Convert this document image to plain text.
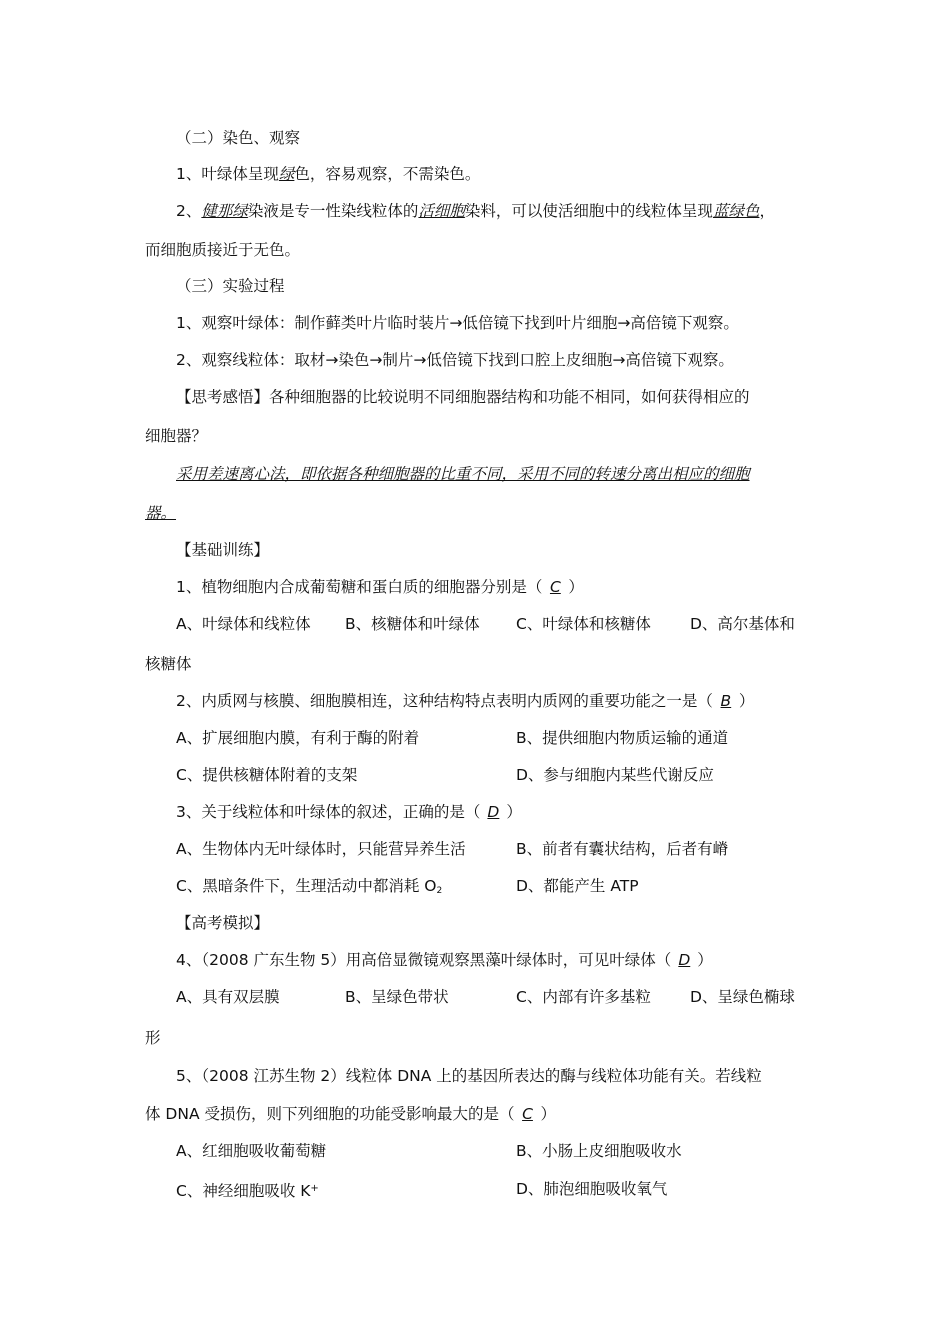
（二）染色、观察
1、叶绿体呈现绿色，容易观察，不需染色。
2、健那绿染液是专一性染线粒体的活细胞染料，可以使活细胞中的线粒体呈现蓝绿色，
而细胞质接近于无色。
（三）实验过程
1、观察叶绿体：制作藓类叶片临时装片→低倍镜下找到叶片细胞→高倍镜下观察。
2、观察线粒体：取材→染色→制片→低倍镜下找到口腔上皮细胞→高倍镜下观察。
【思考感悟】各种细胞器的比较说明不同细胞器结构和功能不相同，如何获得相应的
细胞器？
采用差速离心法，即依据各种细胞器的比重不同，采用不同的转速分离出相应的细胞
器。
【基础训练】
1、植物细胞内合成葡萄糖和蛋白质的细胞器分别是（ C ）
A、叶绿体和线粒体 B、核糖体和叶绿体 C、叶绿体和核糖体	D、高尔基体和
核糖体
2、内质网与核膜、细胞膜相连，这种结构特点表明内质网的重要功能之一是（ B ）
A、扩展细胞内膜，有利于酶的附着	B、提供细胞内物质运输的通道
C、提供核糖体附着的支架	D、参与细胞内某些代谢反应
3、关于线粒体和叶绿体的叙述，正确的是（ D ）
A、生物体内无叶绿体时，只能营异养生活	B、前者有囊状结构，后者有嵴
C、黑暗条件下，生理活动中都消耗 $O_2$	D、都能产生 ATP
【高考模拟】
4、（2008 广东生物 5）用高倍显微镜观察黑藻叶绿体时，可见叶绿体（ D ）
A、具有双层膜	B、呈绿色带状	C、内部有许多基粒	D、呈绿色椭球
形
5、（2008 江苏生物 2）线粒体 DNA 上的基因所表达的酶与线粒体功能有关。若线粒
体 DNA 受损伤，则下列细胞的功能受影响最大的是（ C ）
A、红细胞吸收葡萄糖	B、小肠上皮细胞吸收水
C、神经细胞吸收 K+	D、肺泡细胞吸收氧气
